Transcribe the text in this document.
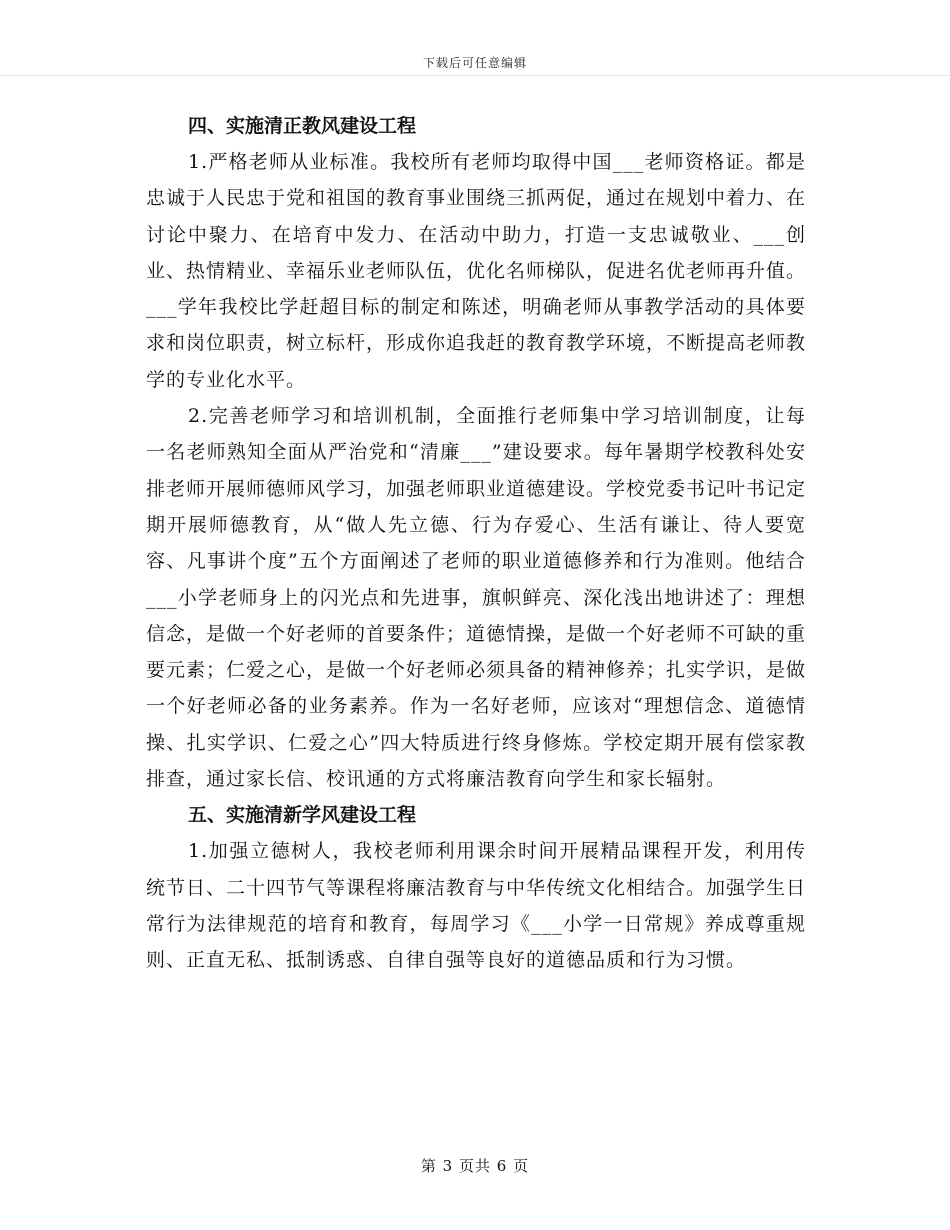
下载后可任意编辑
四、实施清正教风建设工程

1.严格老师从业标准。我校所有老师均取得中国___老师资格证。都是忠诚于人民忠于党和祖国的教育事业围绕三抓两促，通过在规划中着力、在讨论中聚力、在培育中发力、在活动中助力，打造一支忠诚敬业、___创业、热情精业、幸福乐业老师队伍，优化名师梯队，促进名优老师再升值。___学年我校比学赶超目标的制定和陈述，明确老师从事教学活动的具体要求和岗位职责，树立标杆，形成你追我赶的教育教学环境，不断提高老师教学的专业化水平。

2.完善老师学习和培训机制，全面推行老师集中学习培训制度，让每一名老师熟知全面从严治党和“清廉___”建设要求。每年暑期学校教科处安排老师开展师德师风学习，加强老师职业道德建设。学校党委书记叶书记定期开展师德教育，从“做人先立德、行为存爱心、生活有谦让、待人要宽容、凡事讲个度”五个方面阐述了老师的职业道德修养和行为准则。他结合___小学老师身上的闪光点和先进事，旗帜鲜亮、深化浅出地讲述了：理想信念，是做一个好老师的首要条件；道德情操，是做一个好老师不可缺的重要元素；仁爱之心，是做一个好老师必须具备的精神修养；扎实学识，是做一个好老师必备的业务素养。作为一名好老师，应该对“理想信念、道德情操、扎实学识、仁爱之心”四大特质进行终身修炼。学校定期开展有偿家教排查，通过家长信、校讯通的方式将廉洁教育向学生和家长辐射。

五、实施清新学风建设工程

1.加强立德树人，我校老师利用课余时间开展精品课程开发，利用传统节日、二十四节气等课程将廉洁教育与中华传统文化相结合。加强学生日常行为法律规范的培育和教育，每周学习《___小学一日常规》养成尊重规则、正直无私、抵制诱惑、自律自强等良好的道德品质和行为习惯。

第 3 页共 6 页
